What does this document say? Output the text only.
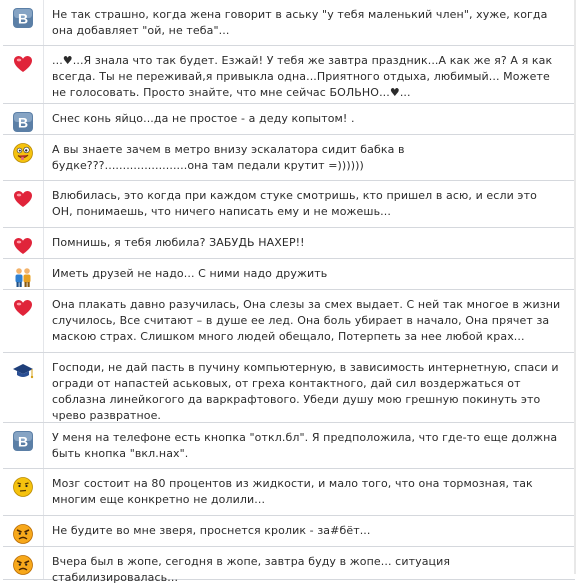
B Не так страшно, когда жена говорит в аську "у тебя маленький член", хуже, когда она добавляет "ой, не теба"...
...♥...Я знала что так будет. Езжай! У тебя же завтра праздник...А как же я? А я как всегда. Ты не переживай,я привыкла одна...Приятного отдыха, любимый... Можете не голосовать. Просто знайте, что мне сейчас БОЛЬНО...♥...
B Снес конь яйцо...да не простое - а деду копытом! .
А вы знаете зачем в метро внизу эскалатора сидит бабка в будке???.......................она там педали крутит =))))))
Влюбилась, это когда при каждом стуке смотришь, кто пришел в асю, и если это ОН, понимаешь, что ничего написать ему и не можешь...
Помнишь, я тебя любила? ЗАБУДЬ НАХЕР!!
Иметь друзей не надо... С ними надо дружить
Она плакать давно разучилась, Она слезы за смех выдает. С ней так многое в жизни случилось, Все считают – в душе ее лед. Она боль убирает в начало, Она прячет за маскою страх. Слишком много людей обещало, Потерпеть за нее любой крах...
Господи, не дай пасть в пучину компьютерную, в зависимость интернетную, спаси и огради от напастей аськовых, от греха контактного, дай сил воздержаться от соблазна линейкогого да варкрафтового. Убеди душу мою грешную покинуть это чрево развратное.
B У меня на телефоне есть кнопка "откл.бл". Я предположила, что где-то еще должна быть кнопка "вкл.нах".
Мозг состоит на 80 процентов из жидкости, и мало того, что она тормозная, так многим еще конкретно не долили...
Не будите во мне зверя, проснется кролик - за#бёт...
Вчера был в жопе, сегодня в жопе, завтра буду в жопе... ситуация стабилизировалась...
